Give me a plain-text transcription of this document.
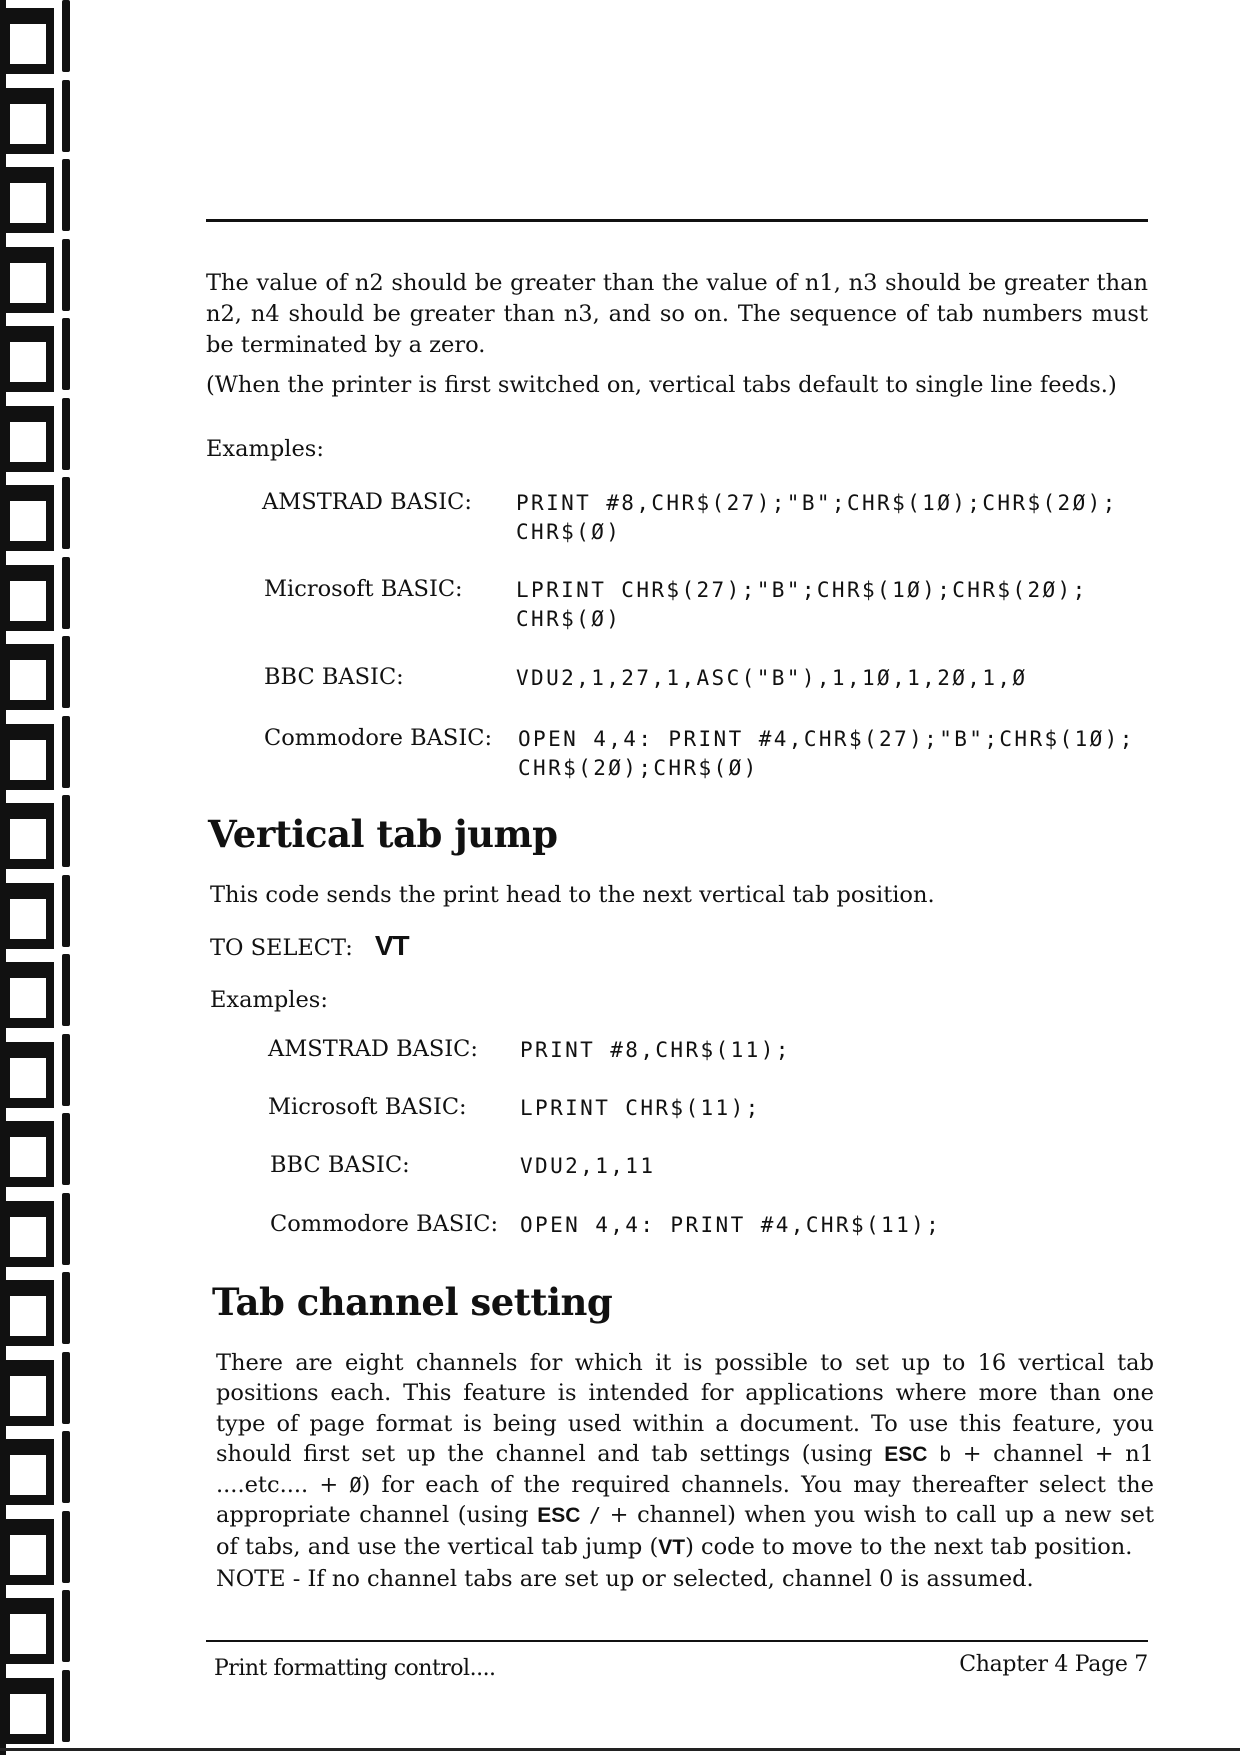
The value of n2 should be greater than the value of n1, n3 should be greater than n2, n4 should be greater than n3, and so on. The sequence of tab numbers must be terminated by a zero.
(When the printer is first switched on, vertical tabs default to single line feeds.)
Examples:
AMSTRAD BASIC: PRINT #8,CHR$(27);"B";CHR$(1Ø);CHR$(2Ø);
CHR$(Ø)
Microsoft BASIC:	LPRINT CHR$(27);"B";CHR$(1Ø);CHR$(2Ø);
CHR$(Ø)
BBC BASIC:	VDU2,1,27,1,ASC("B"),1,1Ø,1,2Ø,1,Ø
Commodore BASIC: OPEN 4,4: PRINT #4,CHR$(27);"B";CHR$(1Ø);
CHR$(2Ø);CHR$(Ø)
Vertical tab jump
This code sends the print head to the next vertical tab position.
TO SELECT: VT
Examples:
AMSTRAD BASIC: PRINT #8,CHR$(11);
Microsoft BASIC:	LPRINT CHR$(11);
BBC BASIC:	VDU2,1,11
Commodore BASIC: OPEN 4,4: PRINT #4,CHR$(11);
Tab channel setting
There are eight channels for which it is possible to set up to 16 vertical tab positions each. This feature is intended for applications where more than one type of page format is being used within a document. To use this feature, you should first set up the channel and tab settings (using ESC b + channel + n1 ....etc.... + Ø) for each of the required channels. You may thereafter select the appropriate channel (using ESC / + channel) when you wish to call up a new set of tabs, and use the vertical tab jump (VT) code to move to the next tab position.
NOTE - If no channel tabs are set up or selected, channel 0 is assumed.
Print formatting control....	Chapter 4 Page 7
